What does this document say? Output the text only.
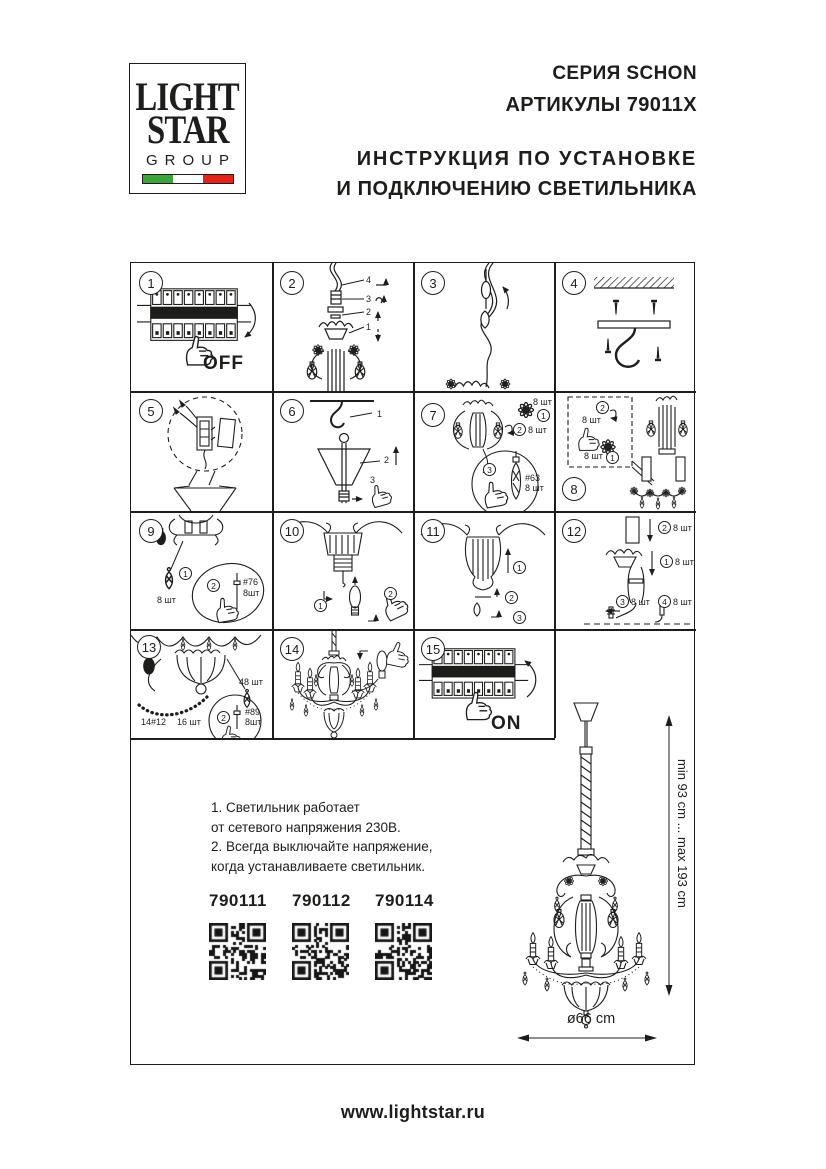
LIGHT
STAR
GROUP
СЕРИЯ SCHON
АРТИКУЛЫ 79011X
ИНСТРУКЦИЯ ПО УСТАНОВКЕ
И ПОДКЛЮЧЕНИЮ СВЕТИЛЬНИКА
1
OFF
2	4
3
2
1
3	4
5	6	1
2
3
7
8 шт
1
2 8 шт
3
#63
8 шт	8
2
8 шт
8 шт 1
9
1
8 шт
2	#76
8шт
10
1
2
11
1
2
3
12	2 8 шт
1 8 шт
3 8 шт	4 8 шт
13
14#12 16 шт
48 шт
2
#89
8шт
14	15
ON
1. Светильник работает
от сетевого напряжения 230В.
2. Всегда выключайте напряжение,
когда устанавливаете светильник.
790111 790112 790114	min 93 cm ... max 193 cm
ø66 cm
www.lightstar.ru
